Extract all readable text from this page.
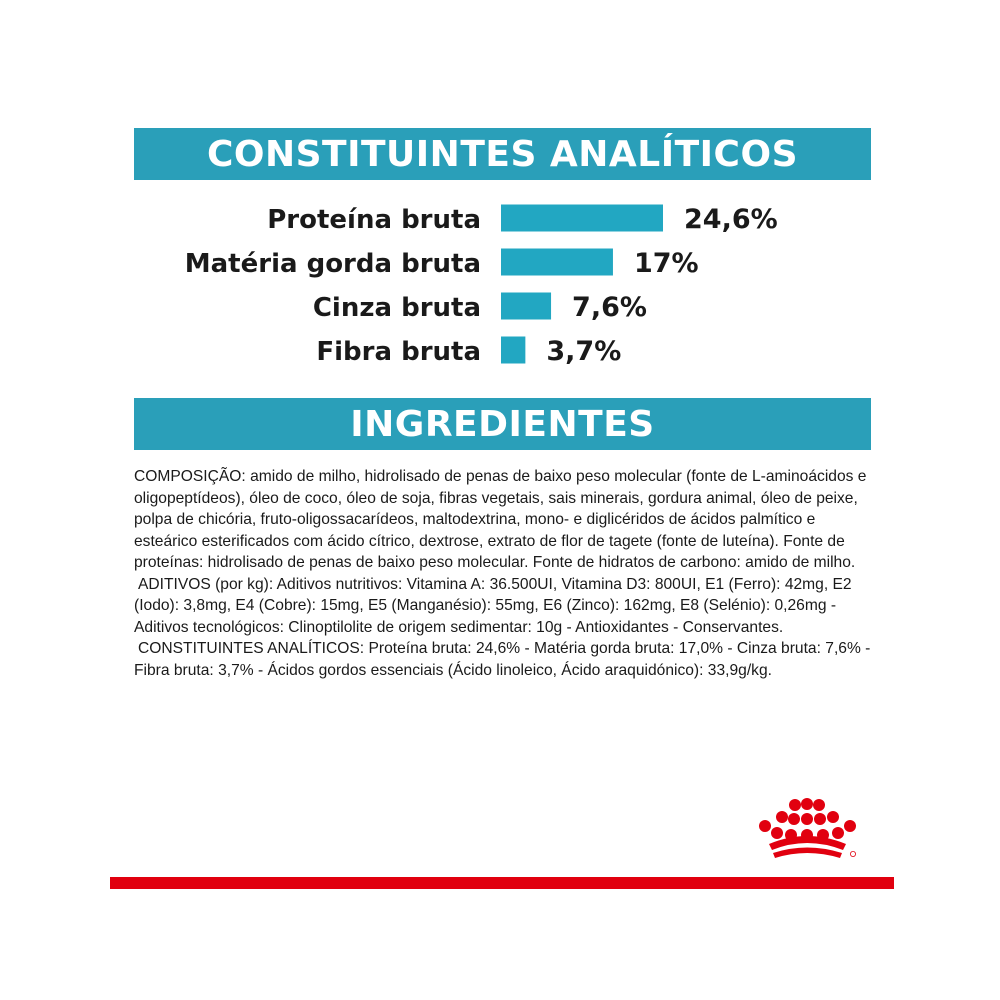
CONSTITUINTES ANALÍTICOS
Proteína bruta	24,6%
Matéria gorda bruta	17%
Cinza bruta	7,6%
Fibra bruta 3,7%
INGREDIENTES

COMPOSIÇÃO: amido de milho, hidrolisado de penas de baixo peso molecular (fonte de L-aminoácidos e oligopeptídeos), óleo de coco, óleo de soja, fibras vegetais, sais minerais, gordura animal, óleo de peixe, polpa de chicória, fruto-oligossacarídeos, maltodextrina, mono- e diglicéridos de ácidos palmítico e esteárico esterificados com ácido cítrico, dextrose, extrato de flor de tagete (fonte de luteína). Fonte de proteínas: hidrolisado de penas de baixo peso molecular. Fonte de hidratos de carbono: amido de milho.

ADITIVOS (por kg): Aditivos nutritivos: Vitamina A: 36.500UI, Vitamina D3: 800UI, E1 (Ferro): 42mg, E2 (Iodo): 3,8mg, E4 (Cobre): 15mg, E5 (Manganésio): 55mg, E6 (Zinco): 162mg, E8 (Selénio): 0,26mg - Aditivos tecnológicos: Clinoptilolite de origem sedimentar: 10g - Antioxidantes - Conservantes.

CONSTITUINTES ANALÍTICOS: Proteína bruta: 24,6% - Matéria gorda bruta: 17,0% - Cinza bruta: 7,6% - Fibra bruta: 3,7% - Ácidos gordos essenciais (Ácido linoleico, Ácido araquidónico): 33,9g/kg.
